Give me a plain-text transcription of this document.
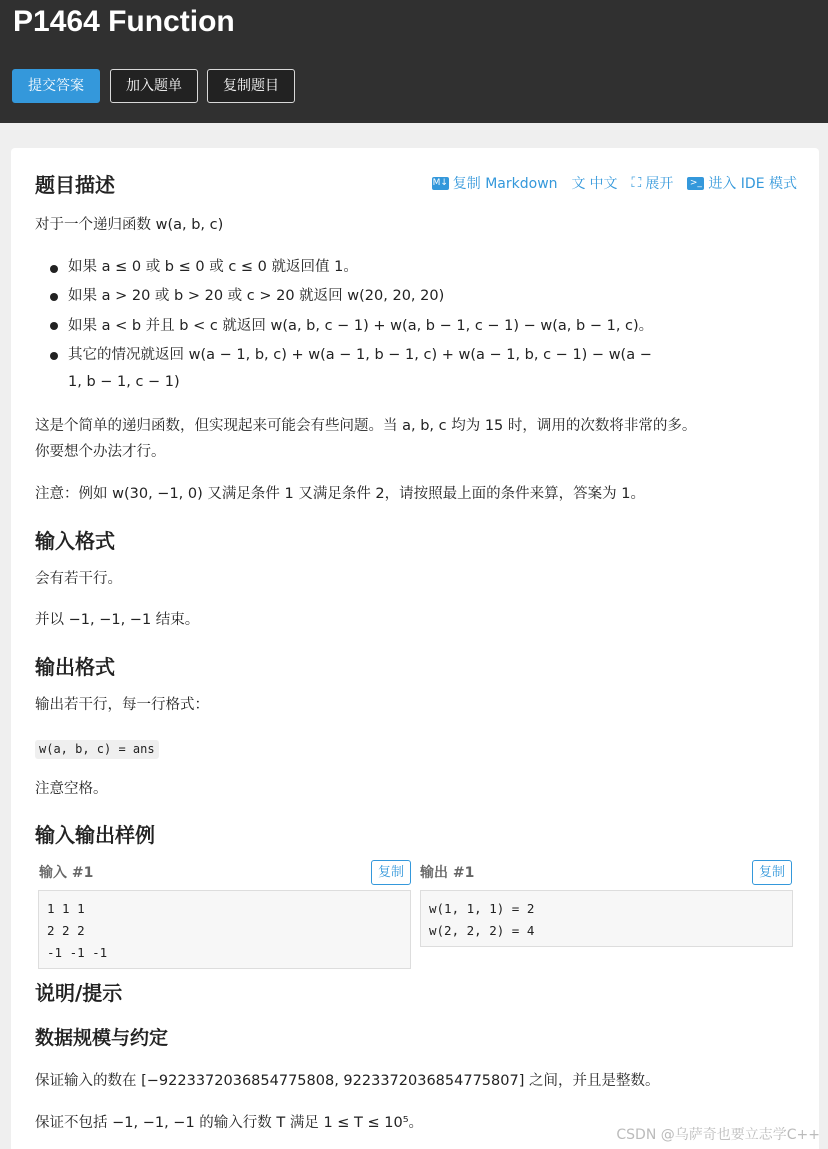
P1464 Function
提交答案	加入题单	复制题目
题目描述	M↓ 复制 Markdown 文 中文 ⛶ 展开 >_ 进入 IDE 模式
对于一个递归函数 w(a, b, c)
如果 a ≤ 0 或 b ≤ 0 或 c ≤ 0 就返回值 1。
如果 a > 20 或 b > 20 或 c > 20 就返回 w(20, 20, 20)
如果 a < b 并且 b < c 就返回 w(a, b, c − 1) + w(a, b − 1, c − 1) − w(a, b − 1, c)。
其它的情况就返回 w(a − 1, b, c) + w(a − 1, b − 1, c) + w(a − 1, b, c − 1) − w(a −
1, b − 1, c − 1)
这是个简单的递归函数，但实现起来可能会有些问题。当 a, b, c 均为 15 时，调用的次数将非常的多。
你要想个办法才行。
注意：例如 w(30, −1, 0) 又满足条件 1 又满足条件 2，请按照最上面的条件来算，答案为 1。
输入格式
会有若干行。
并以 −1, −1, −1 结束。
输出格式
输出若干行，每一行格式：
w(a, b, c) = ans
注意空格。
输入输出样例
输入 #1	复制	输出 #1	复制
1 1 1
2 2 2
-1 -1 -1
w(1, 1, 1) = 2
w(2, 2, 2) = 4
说明/提示
数据规模与约定
保证输入的数在 [−9223372036854775808, 9223372036854775807] 之间，并且是整数。
保证不包括 −1, −1, −1 的输入行数 T 满足 1 ≤ T ≤ 10⁵。
CSDN @乌萨奇也要立志学C++
